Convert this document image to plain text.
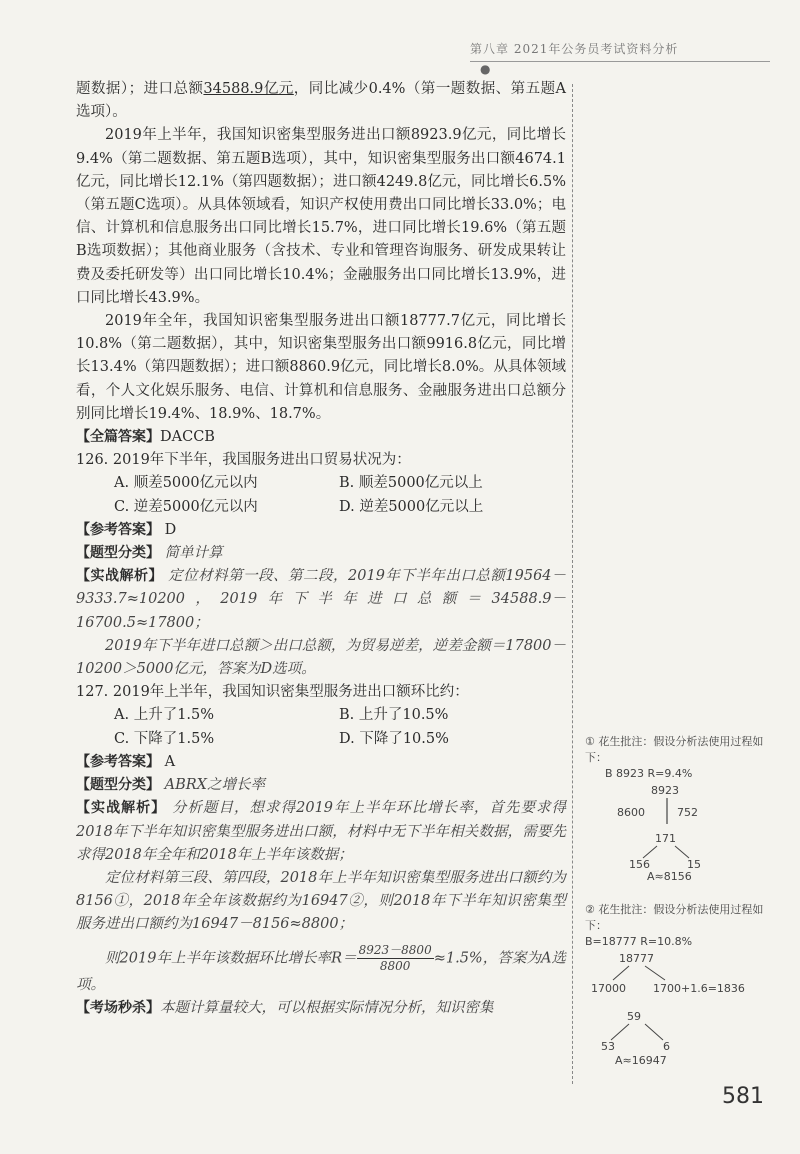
第八章 2021年公务员考试资料分析
●

题数据）；进口总额34588.9亿元，同比减少0.4%（第一题数据、第五题A选项）。

2019年上半年，我国知识密集型服务进出口额8923.9亿元，同比增长9.4%（第二题数据、第五题B选项），其中，知识密集型服务出口额4674.1亿元，同比增长12.1%（第四题数据）；进口额4249.8亿元，同比增长6.5%（第五题C选项）。从具体领域看，知识产权使用费出口同比增长33.0%；电信、计算机和信息服务出口同比增长15.7%，进口同比增长19.6%（第五题B选项数据）；其他商业服务（含技术、专业和管理咨询服务、研发成果转让费及委托研发等）出口同比增长10.4%；金融服务出口同比增长13.9%，进口同比增长43.9%。

2019年全年，我国知识密集型服务进出口额18777.7亿元，同比增长10.8%（第二题数据），其中，知识密集型服务出口额9916.8亿元，同比增长13.4%（第四题数据）；进口额8860.9亿元，同比增长8.0%。从具体领域看，个人文化娱乐服务、电信、计算机和信息服务、金融服务进出口总额分别同比增长19.4%、18.9%、18.7%。

【全篇答案】DACCB

126. 2019年下半年，我国服务进出口贸易状况为：

A. 顺差5000亿元以内	B. 顺差5000亿元以上
C. 逆差5000亿元以内	D. 逆差5000亿元以上

【参考答案】 D

【题型分类】 简单计算

【实战解析】 定位材料第一段、第二段，2019年下半年出口总额19564－9333.7≈10200，2019年下半年进口总额＝34588.9－16700.5≈17800；

2019年下半年进口总额＞出口总额，为贸易逆差，逆差金额＝17800－10200＞5000亿元，答案为D选项。

127. 2019年上半年，我国知识密集型服务进出口额环比约：

A. 上升了1.5%	B. 上升了10.5%
C. 下降了1.5%	D. 下降了10.5%

【参考答案】 A

【题型分类】 ABRX之增长率

【实战解析】 分析题目，想求得2019年上半年环比增长率，首先要求得2018年下半年知识密集型服务进出口额，材料中无下半年相关数据，需要先求得2018年全年和2018年上半年该数据；

定位材料第三段、第四段，2018年上半年知识密集型服务进出口额约为8156①，2018年全年该数据约为16947②，则2018年下半年知识密集型服务进出口额约为16947－8156≈8800；

则2019年上半年该数据环比增长率$R= \frac{8923-8800}{8800} \approx 1.5\%$，答案为A选项。

【考场秒杀】本题计算量较大，可以根据实际情况分析，知识密集

① 花生批注：假设分析法使用过程如下：
B 8923 R=9.4%
8923
8600	752
171
156	15
A≈8156
② 花生批注：假设分析法使用过程如下：
B=18777 R=10.8%
18777
17000 1700+1.6=1836
59
53	6
A≈16947
581
